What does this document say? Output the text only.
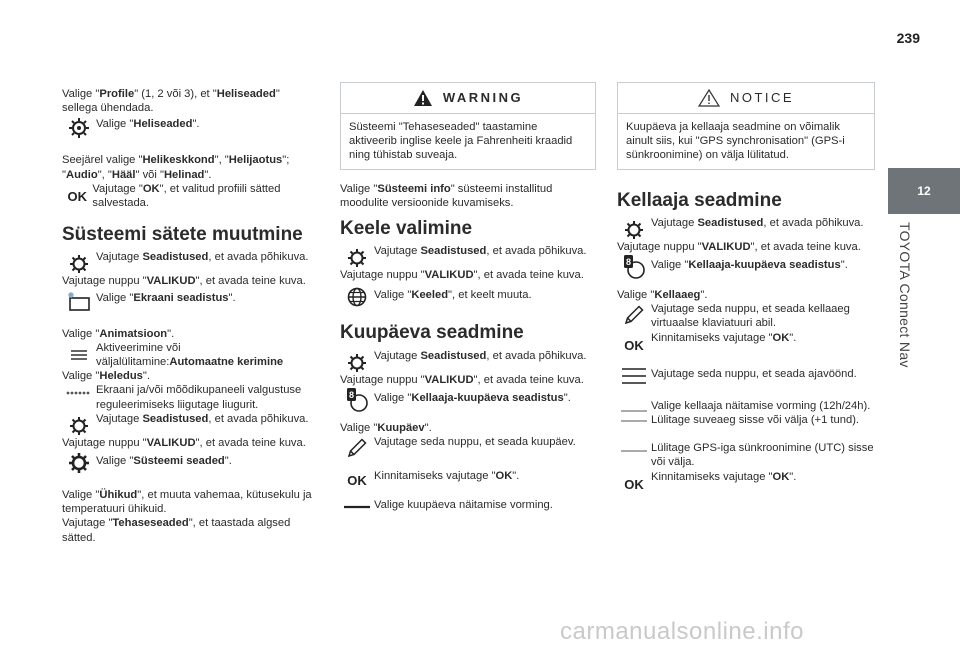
239
12
TOYOTA Connect Nav

Valige "Profile" (1, 2 või 3), et "Heliseaded" sellega ühendada.

Valige "Heliseaded".

Seejärel valige "Helikeskkond", "Helijaotus"; "Audio", "Hääl" või "Helinad".

OK Vajutage "OK", et valitud profiili sätted salvestada.

Süsteemi sätete muutmine

Vajutage Seadistused, et avada põhikuva.

Vajutage nuppu "VALIKUD", et avada teine kuva.

Valige "Ekraani seadistus".

Valige "Animatsioon".

Aktiveerimine või väljalülitamine:Automaatne kerimine

Valige "Heledus".

Ekraani ja/või mõõdikupaneeli valgustuse reguleerimiseks liigutage liugurit.

Vajutage Seadistused, et avada põhikuva.

Vajutage nuppu "VALIKUD", et avada teine kuva.

Valige "Süsteemi seaded".

Valige "Ühikud", et muuta vahemaa, kütusekulu ja temperatuuri ühikuid.

Vajutage "Tehaseseaded", et taastada algsed sätted.

WARNING
Süsteemi "Tehaseseaded" taastamine aktiveerib inglise keele ja Fahrenheiti kraadid ning tühistab suveaja.

Valige "Süsteemi info" süsteemi installitud moodulite versioonide kuvamiseks.

Keele valimine

Vajutage Seadistused, et avada põhikuva.

Vajutage nuppu "VALIKUD", et avada teine kuva.

Valige "Keeled", et keelt muuta.

Kuupäeva seadmine

Vajutage Seadistused, et avada põhikuva.

Vajutage nuppu "VALIKUD", et avada teine kuva.

8 Valige "Kellaaja-kuupäeva seadistus".

Valige "Kuupäev".

Vajutage seda nuppu, et seada kuupäev.

OK Kinnitamiseks vajutage "OK".

Valige kuupäeva näitamise vorming.

NOTICE
Kuupäeva ja kellaaja seadmine on võimalik ainult siis, kui "GPS synchronisation" (GPS-i sünkroonimine) on välja lülitatud.
Kellaaja seadmine

Vajutage Seadistused, et avada põhikuva.

Vajutage nuppu "VALIKUD", et avada teine kuva.

8 Valige "Kellaaja-kuupäeva seadistus".

Valige "Kellaaeg".

Vajutage seda nuppu, et seada kellaaeg virtuaalse klaviatuuri abil.

OK Kinnitamiseks vajutage "OK".

Vajutage seda nuppu, et seada ajavöönd.

Valige kellaaja näitamise vorming (12h/24h).

Lülitage suveaeg sisse või välja (+1 tund).

Lülitage GPS-iga sünkroonimine (UTC) sisse või välja.

OK Kinnitamiseks vajutage "OK".

carmanualsonline.info
